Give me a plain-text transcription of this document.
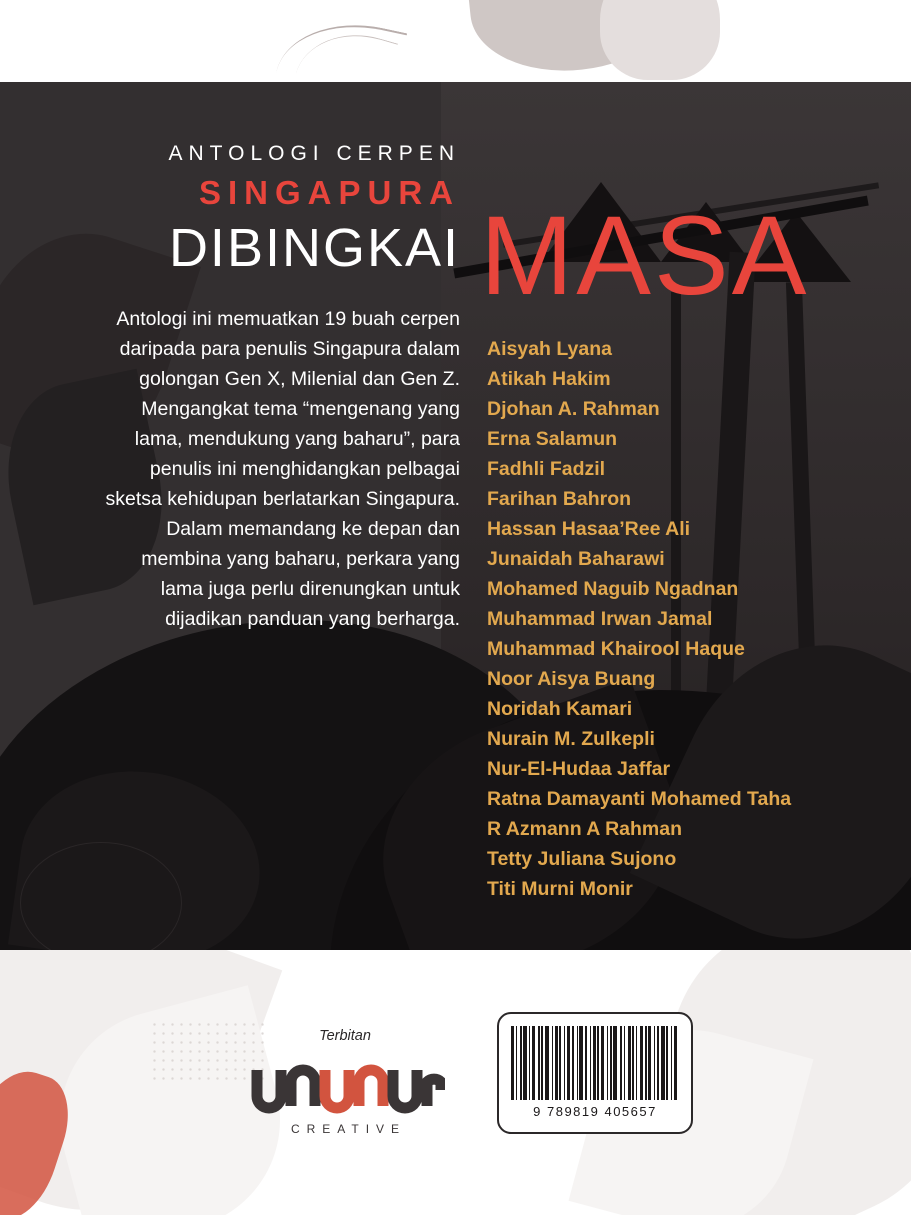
ANTOLOGI CERPEN
SINGAPURA
DIBINGKAI MASA
Antologi ini memuatkan 19 buah cerpen daripada para penulis Singapura dalam golongan Gen X, Milenial dan Gen Z. Mengangkat tema “mengenang yang lama, mendukung yang baharu”, para penulis ini menghidangkan pelbagai sketsa kehidupan berlatarkan Singapura. Dalam memandang ke depan dan membina yang baharu, perkara yang lama juga perlu direnungkan untuk dijadikan panduan yang berharga.
Aisyah Lyana
Atikah Hakim
Djohan A. Rahman
Erna Salamun
Fadhli Fadzil
Farihan Bahron
Hassan Hasaa’Ree Ali
Junaidah Baharawi
Mohamed Naguib Ngadnan
Muhammad Irwan Jamal
Muhammad Khairool Haque
Noor Aisya Buang
Noridah Kamari
Nurain M. Zulkepli
Nur-El-Hudaa Jaffar
Ratna Damayanti Mohamed Taha
R Azmann A Rahman
Tetty Juliana Sujono
Titi Murni Monir
Terbitan
CREATIVE
9 789819 405657
